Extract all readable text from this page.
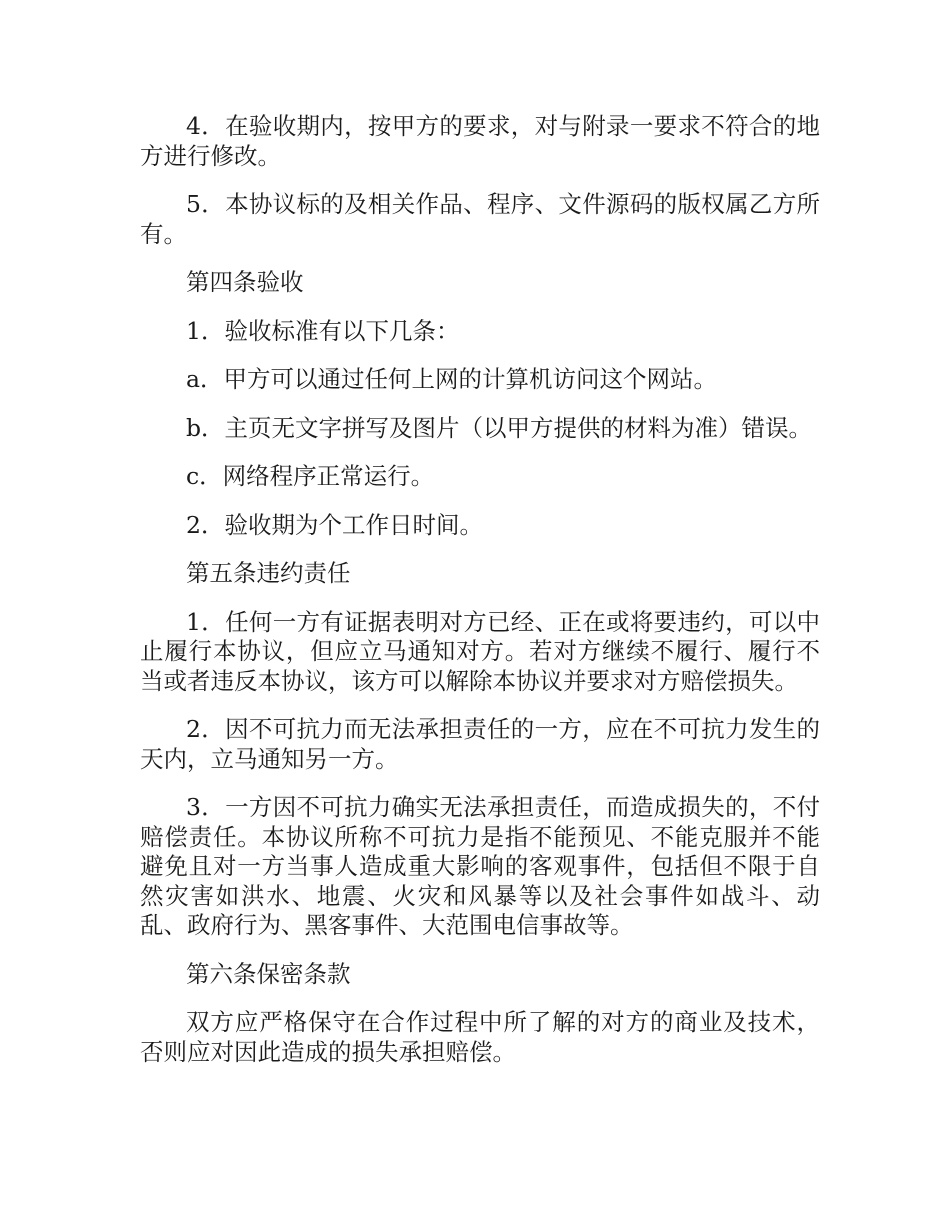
4．在验收期内，按甲方的要求，对与附录一要求不符合的地方进行修改。

5．本协议标的及相关作品、程序、文件源码的版权属乙方所有。

第四条验收

1．验收标准有以下几条：

a．甲方可以通过任何上网的计算机访问这个网站。

b．主页无文字拼写及图片（以甲方提供的材料为准）错误。

c．网络程序正常运行。

2．验收期为个工作日时间。

第五条违约责任

1．任何一方有证据表明对方已经、正在或将要违约，可以中止履行本协议，但应立马通知对方。若对方继续不履行、履行不当或者违反本协议，该方可以解除本协议并要求对方赔偿损失。

2．因不可抗力而无法承担责任的一方，应在不可抗力发生的天内，立马通知另一方。

3．一方因不可抗力确实无法承担责任，而造成损失的，不付赔偿责任。本协议所称不可抗力是指不能预见、不能克服并不能避免且对一方当事人造成重大影响的客观事件，包括但不限于自然灾害如洪水、地震、火灾和风暴等以及社会事件如战斗、动乱、政府行为、黑客事件、大范围电信事故等。

第六条保密条款

双方应严格保守在合作过程中所了解的对方的商业及技术，否则应对因此造成的损失承担赔偿。
